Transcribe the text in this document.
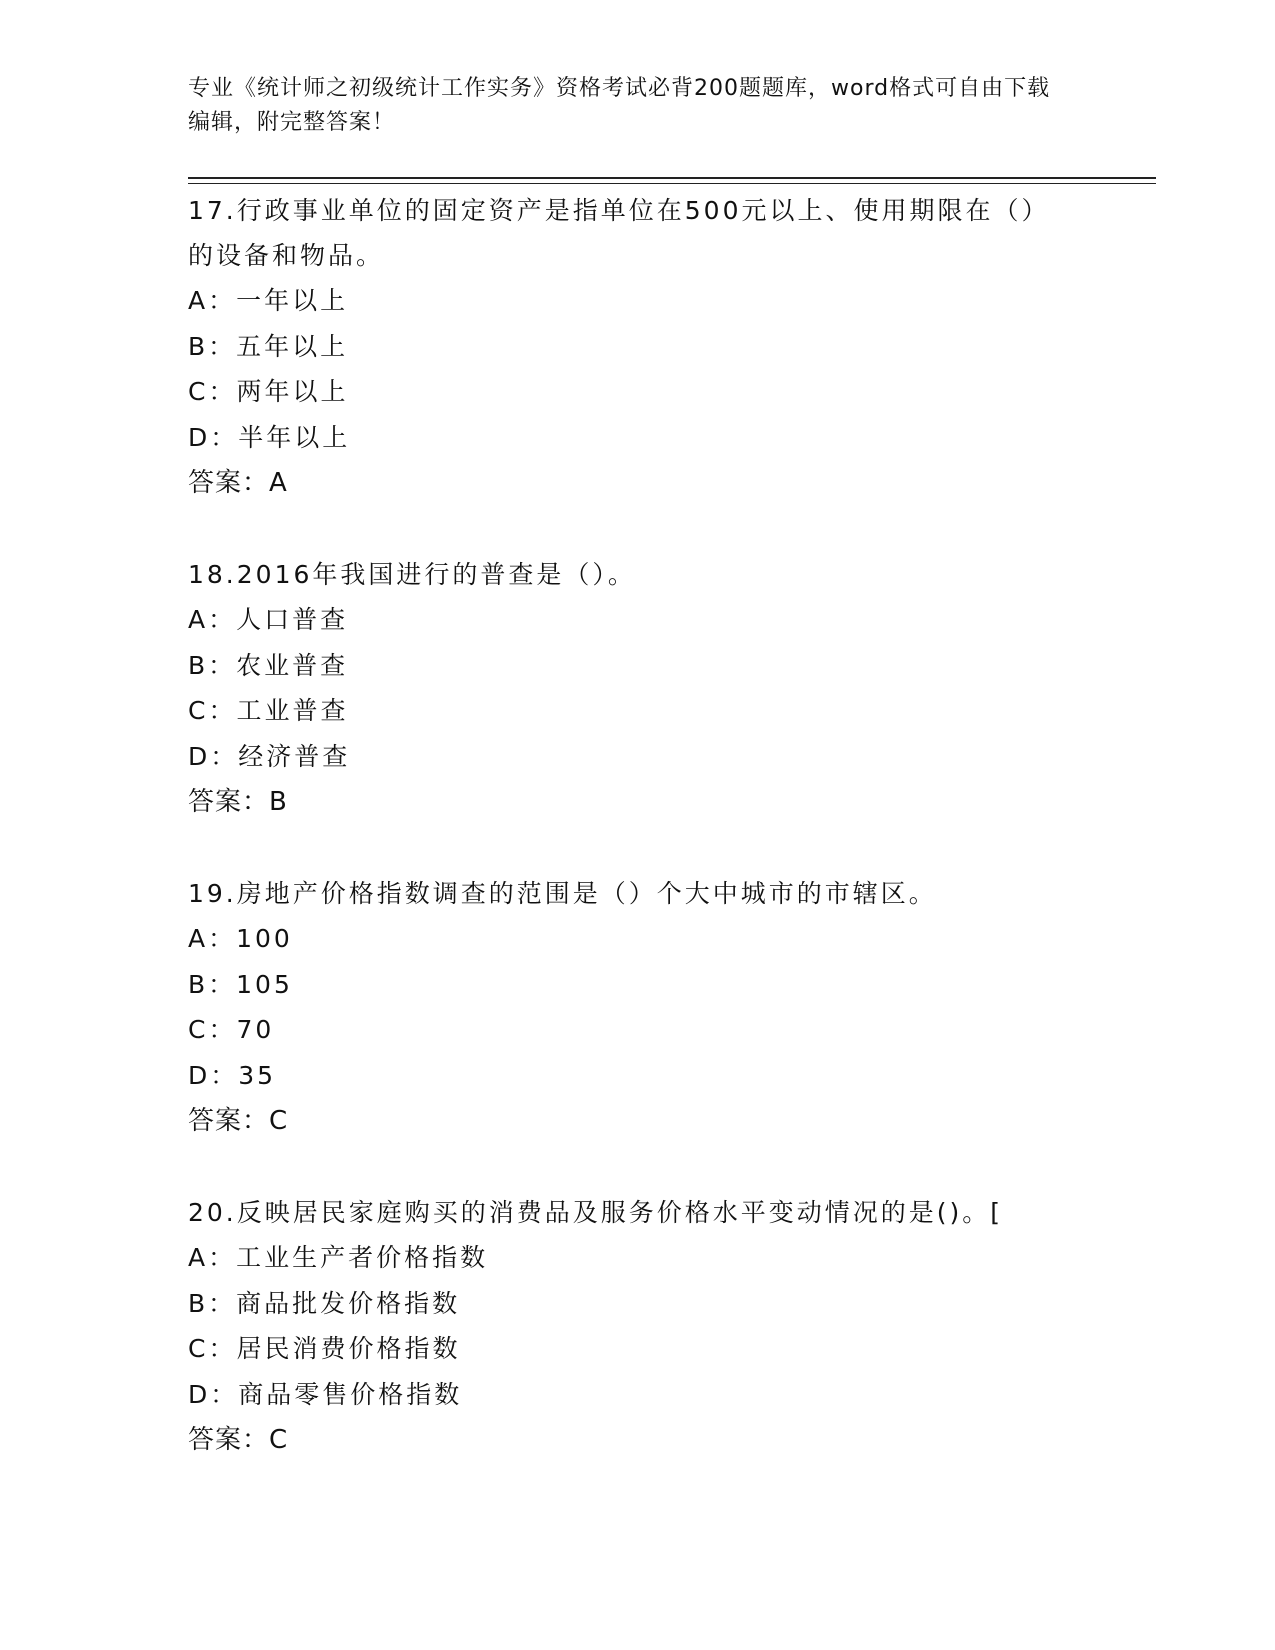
专业《统计师之初级统计工作实务》资格考试必背200题题库，word格式可自由下载编辑，附完整答案！
17.行政事业单位的固定资产是指单位在500元以上、使用期限在（）的设备和物品。
A：一年以上
B：五年以上
C：两年以上
D：半年以上
答案：A
18.2016年我国进行的普查是（）。
A：人口普查
B：农业普查
C：工业普查
D：经济普查
答案：B
19.房地产价格指数调查的范围是（）个大中城市的市辖区。
A：100
B：105
C：70
D：35
答案：C
20.反映居民家庭购买的消费品及服务价格水平变动情况的是()。[
A：工业生产者价格指数
B：商品批发价格指数
C：居民消费价格指数
D：商品零售价格指数
答案：C
